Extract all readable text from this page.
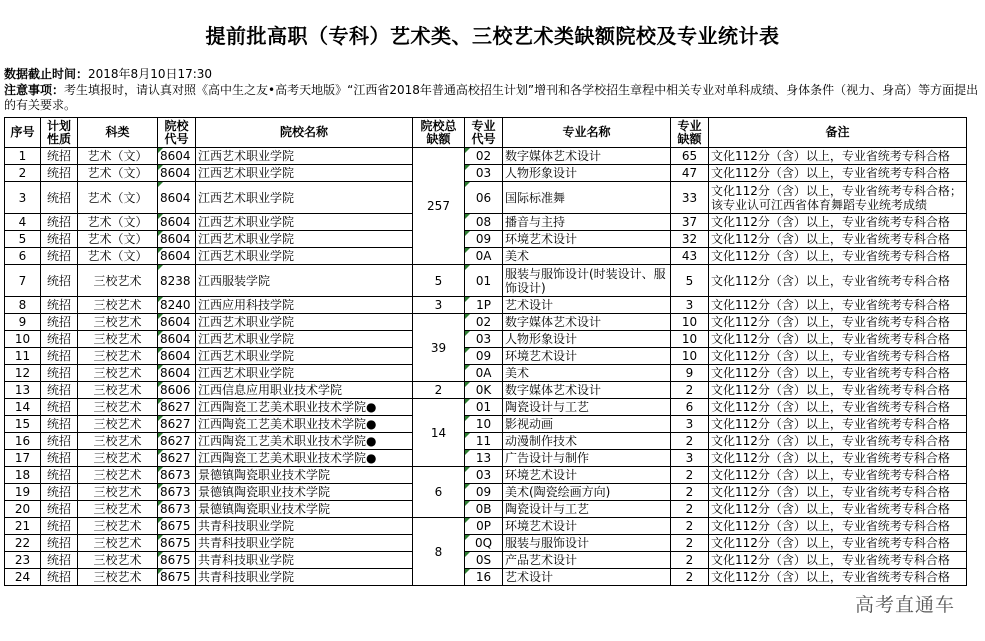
提前批高职（专科）艺术类、三校艺术类缺额院校及专业统计表
数据截止时间：2018年8月10日17:30
注意事项：考生填报时，请认真对照《高中生之友•高考天地版》“江西省2018年普通高校招生计划”增刊和各学校招生章程中相关专业对单科成绩、身体条件（视力、身高）等方面提出的有关要求。
序号	计划性质	科类	院校代号	院校名称	院校总缺额	专业代号	专业名称	专业缺额	备注
1	统招	艺术（文）	8604	江西艺术职业学院	257	02	数字媒体艺术设计	65	文化112分（含）以上，专业省统考专科合格
2	统招	艺术（文）	8604	江西艺术职业学院		03	人物形象设计	47	文化112分（含）以上，专业省统考专科合格
3	统招	艺术（文）	8604	江西艺术职业学院		06	国际标准舞	33	文化112分（含）以上，专业省统考专科合格；该专业认可江西省体育舞蹈专业统考成绩
4	统招	艺术（文）	8604	江西艺术职业学院		08	播音与主持	37	文化112分（含）以上，专业省统考专科合格
5	统招	艺术（文）	8604	江西艺术职业学院		09	环境艺术设计	32	文化112分（含）以上，专业省统考专科合格
6	统招	艺术（文）	8604	江西艺术职业学院		0A	美术	43	文化112分（含）以上，专业省统考专科合格
7	统招	三校艺术	8238	江西服装学院	5	01	服装与服饰设计(时装设计、服饰设计)	5	文化112分（含）以上，专业省统考专科合格
8	统招	三校艺术	8240	江西应用科技学院	3	1P	艺术设计	3	文化112分（含）以上，专业省统考专科合格
9	统招	三校艺术	8604	江西艺术职业学院	39	02	数字媒体艺术设计	10	文化112分（含）以上，专业省统考专科合格
10	统招	三校艺术	8604	江西艺术职业学院		03	人物形象设计	10	文化112分（含）以上，专业省统考专科合格
11	统招	三校艺术	8604	江西艺术职业学院		09	环境艺术设计	10	文化112分（含）以上，专业省统考专科合格
12	统招	三校艺术	8604	江西艺术职业学院		0A	美术	9	文化112分（含）以上，专业省统考专科合格
13	统招	三校艺术	8606	江西信息应用职业技术学院	2	0K	数字媒体艺术设计	2	文化112分（含）以上，专业省统考专科合格
14	统招	三校艺术	8627	江西陶瓷工艺美术职业技术学院●	14	01	陶瓷设计与工艺	6	文化112分（含）以上，专业省统考专科合格
15	统招	三校艺术	8627	江西陶瓷工艺美术职业技术学院●		10	影视动画	3	文化112分（含）以上，专业省统考专科合格
16	统招	三校艺术	8627	江西陶瓷工艺美术职业技术学院●		11	动漫制作技术	2	文化112分（含）以上，专业省统考专科合格
17	统招	三校艺术	8627	江西陶瓷工艺美术职业技术学院●		13	广告设计与制作	3	文化112分（含）以上，专业省统考专科合格
18	统招	三校艺术	8673	景德镇陶瓷职业技术学院	6	03	环境艺术设计	2	文化112分（含）以上，专业省统考专科合格
19	统招	三校艺术	8673	景德镇陶瓷职业技术学院		09	美术(陶瓷绘画方向)	2	文化112分（含）以上，专业省统考专科合格
20	统招	三校艺术	8673	景德镇陶瓷职业技术学院		0B	陶瓷设计与工艺	2	文化112分（含）以上，专业省统考专科合格
21	统招	三校艺术	8675	共青科技职业学院	8	0P	环境艺术设计	2	文化112分（含）以上，专业省统考专科合格
22	统招	三校艺术	8675	共青科技职业学院		0Q	服装与服饰设计	2	文化112分（含）以上，专业省统考专科合格
23	统招	三校艺术	8675	共青科技职业学院		0S	产品艺术设计	2	文化112分（含）以上，专业省统考专科合格
24	统招	三校艺术	8675	共青科技职业学院		16	艺术设计	2	文化112分（含）以上，专业省统考专科合格
高考直通车
